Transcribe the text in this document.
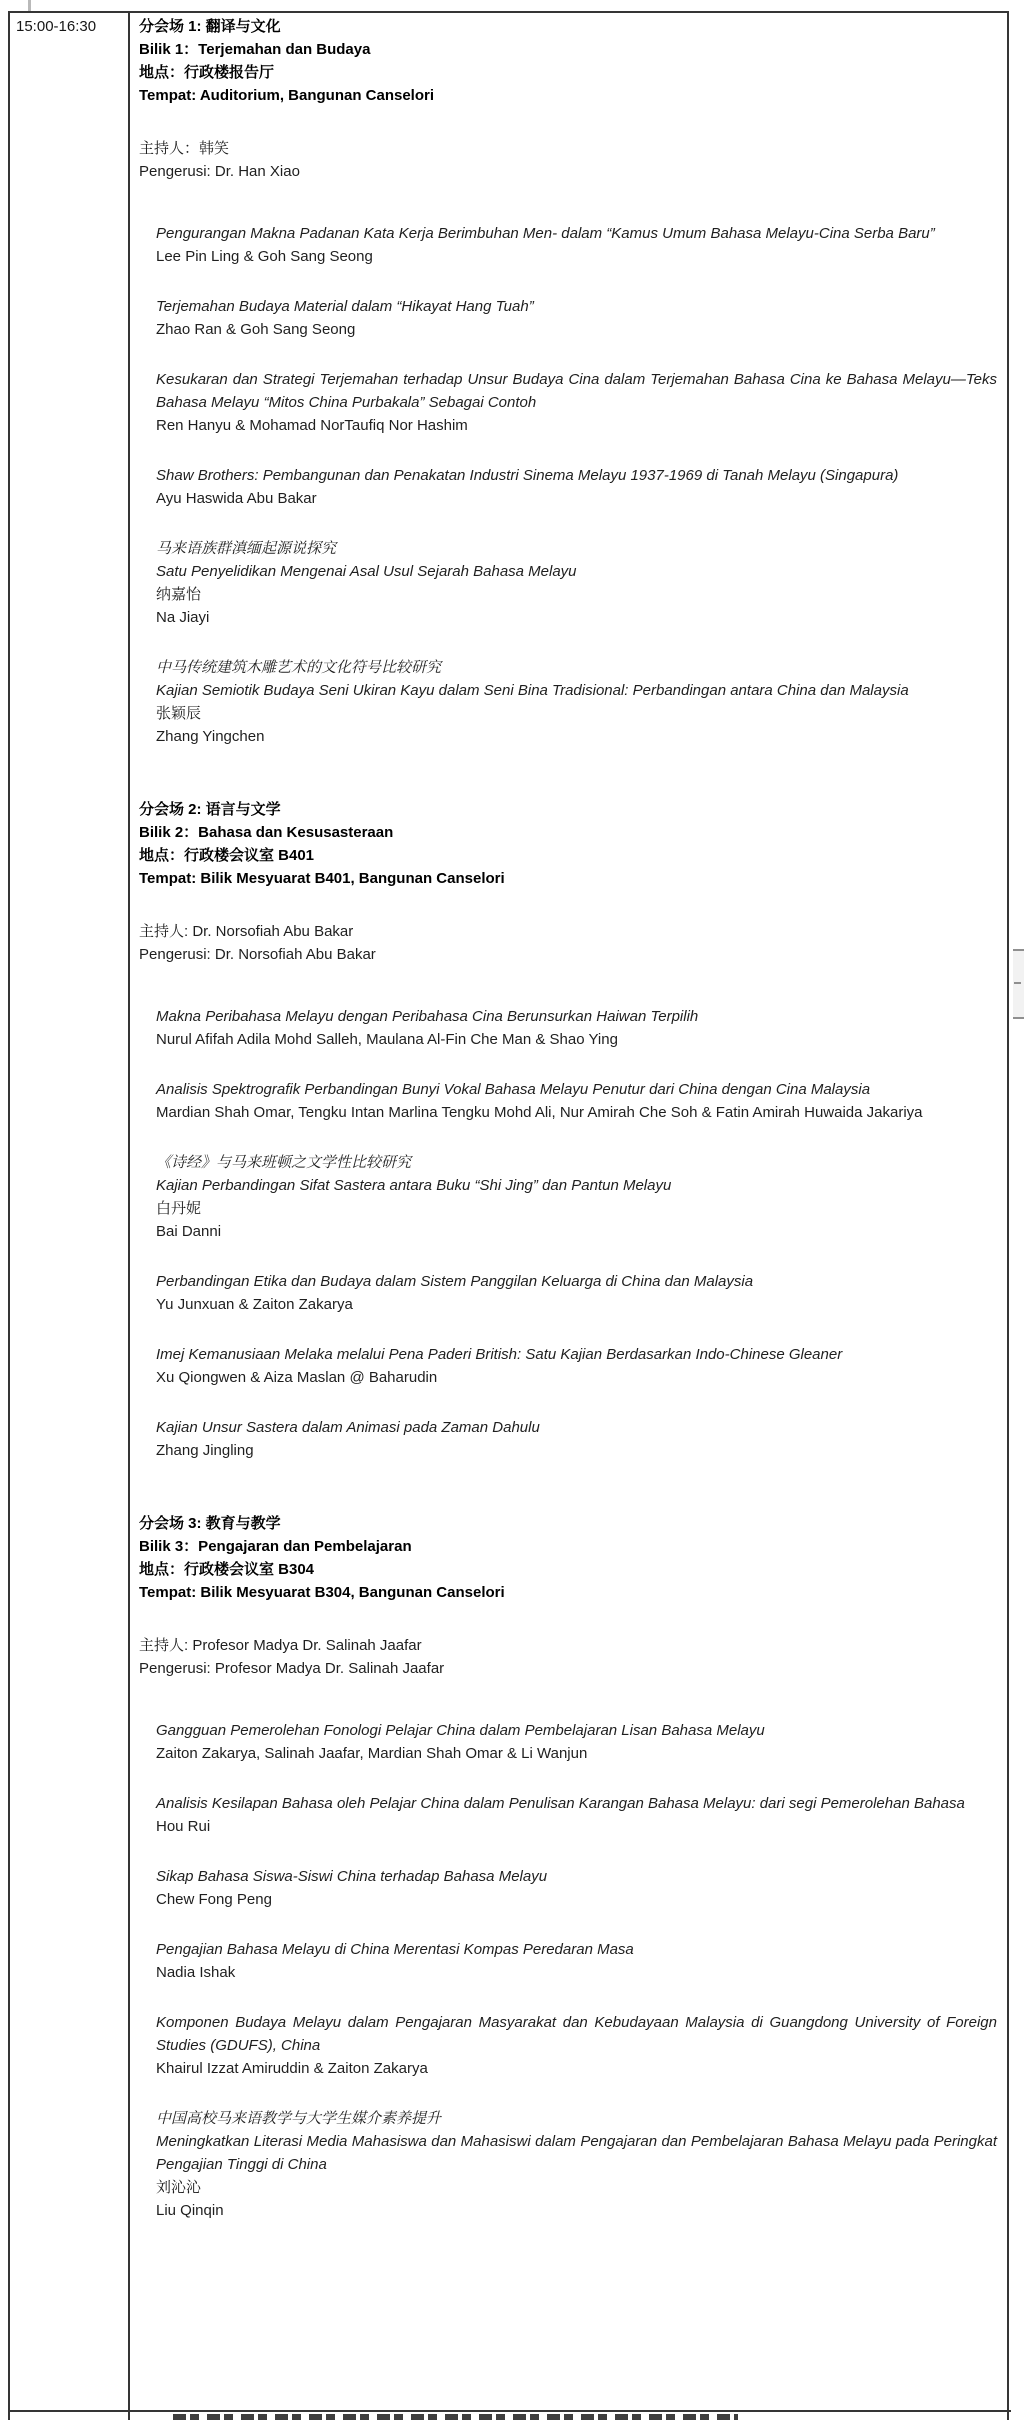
15:00-16:30	分会场 1: 翻译与文化
Bilik 1：Terjemahan dan Budaya
地点：行政楼报告厅
Tempat: Auditorium, Bangunan Canselori
主持人：韩笑
Pengerusi: Dr. Han Xiao
Pengurangan Makna Padanan Kata Kerja Berimbuhan Men- dalam “Kamus Umum Bahasa Melayu-Cina Serba Baru”
Lee Pin Ling & Goh Sang Seong
Terjemahan Budaya Material dalam “Hikayat Hang Tuah”
Zhao Ran & Goh Sang Seong
Kesukaran dan Strategi Terjemahan terhadap Unsur Budaya Cina dalam Terjemahan Bahasa Cina ke Bahasa Melayu—Teks Bahasa Melayu “Mitos China Purbakala” Sebagai Contoh
Ren Hanyu & Mohamad NorTaufiq Nor Hashim
Shaw Brothers: Pembangunan dan Penakatan Industri Sinema Melayu 1937-1969 di Tanah Melayu (Singapura)
Ayu Haswida Abu Bakar
马来语族群滇缅起源说探究
Satu Penyelidikan Mengenai Asal Usul Sejarah Bahasa Melayu
纳嘉怡
Na Jiayi
中马传统建筑木雕艺术的文化符号比较研究
Kajian Semiotik Budaya Seni Ukiran Kayu dalam Seni Bina Tradisional: Perbandingan antara China dan Malaysia
张颖辰
Zhang Yingchen
分会场 2: 语言与文学
Bilik 2：Bahasa dan Kesusasteraan
地点：行政楼会议室 B401
Tempat: Bilik Mesyuarat B401, Bangunan Canselori
主持人: Dr. Norsofiah Abu Bakar
Pengerusi: Dr. Norsofiah Abu Bakar
Makna Peribahasa Melayu dengan Peribahasa Cina Berunsurkan Haiwan Terpilih
Nurul Afifah Adila Mohd Salleh, Maulana Al-Fin Che Man & Shao Ying
Analisis Spektrografik Perbandingan Bunyi Vokal Bahasa Melayu Penutur dari China dengan Cina Malaysia
Mardian Shah Omar, Tengku Intan Marlina Tengku Mohd Ali, Nur Amirah Che Soh & Fatin Amirah Huwaida Jakariya
《诗经》与马来班顿之文学性比较研究
Kajian Perbandingan Sifat Sastera antara Buku “Shi Jing” dan Pantun Melayu
白丹妮
Bai Danni
Perbandingan Etika dan Budaya dalam Sistem Panggilan Keluarga di China dan Malaysia
Yu Junxuan & Zaiton Zakarya
Imej Kemanusiaan Melaka melalui Pena Paderi British: Satu Kajian Berdasarkan Indo-Chinese Gleaner
Xu Qiongwen & Aiza Maslan @ Baharudin
Kajian Unsur Sastera dalam Animasi pada Zaman Dahulu
Zhang Jingling
分会场 3: 教育与教学
Bilik 3：Pengajaran dan Pembelajaran
地点：行政楼会议室 B304
Tempat: Bilik Mesyuarat B304, Bangunan Canselori
主持人: Profesor Madya Dr. Salinah Jaafar
Pengerusi: Profesor Madya Dr. Salinah Jaafar
Gangguan Pemerolehan Fonologi Pelajar China dalam Pembelajaran Lisan Bahasa Melayu
Zaiton Zakarya, Salinah Jaafar, Mardian Shah Omar & Li Wanjun
Analisis Kesilapan Bahasa oleh Pelajar China dalam Penulisan Karangan Bahasa Melayu: dari segi Pemerolehan Bahasa
Hou Rui
Sikap Bahasa Siswa-Siswi China terhadap Bahasa Melayu
Chew Fong Peng
Pengajian Bahasa Melayu di China Merentasi Kompas Peredaran Masa
Nadia Ishak
Komponen Budaya Melayu dalam Pengajaran Masyarakat dan Kebudayaan Malaysia di Guangdong University of Foreign Studies (GDUFS), China
Khairul Izzat Amiruddin & Zaiton Zakarya
中国高校马来语教学与大学生媒介素养提升
Meningkatkan Literasi Media Mahasiswa dan Mahasiswi dalam Pengajaran dan Pembelajaran Bahasa Melayu pada Peringkat Pengajian Tinggi di China
刘沁沁
Liu Qinqin
